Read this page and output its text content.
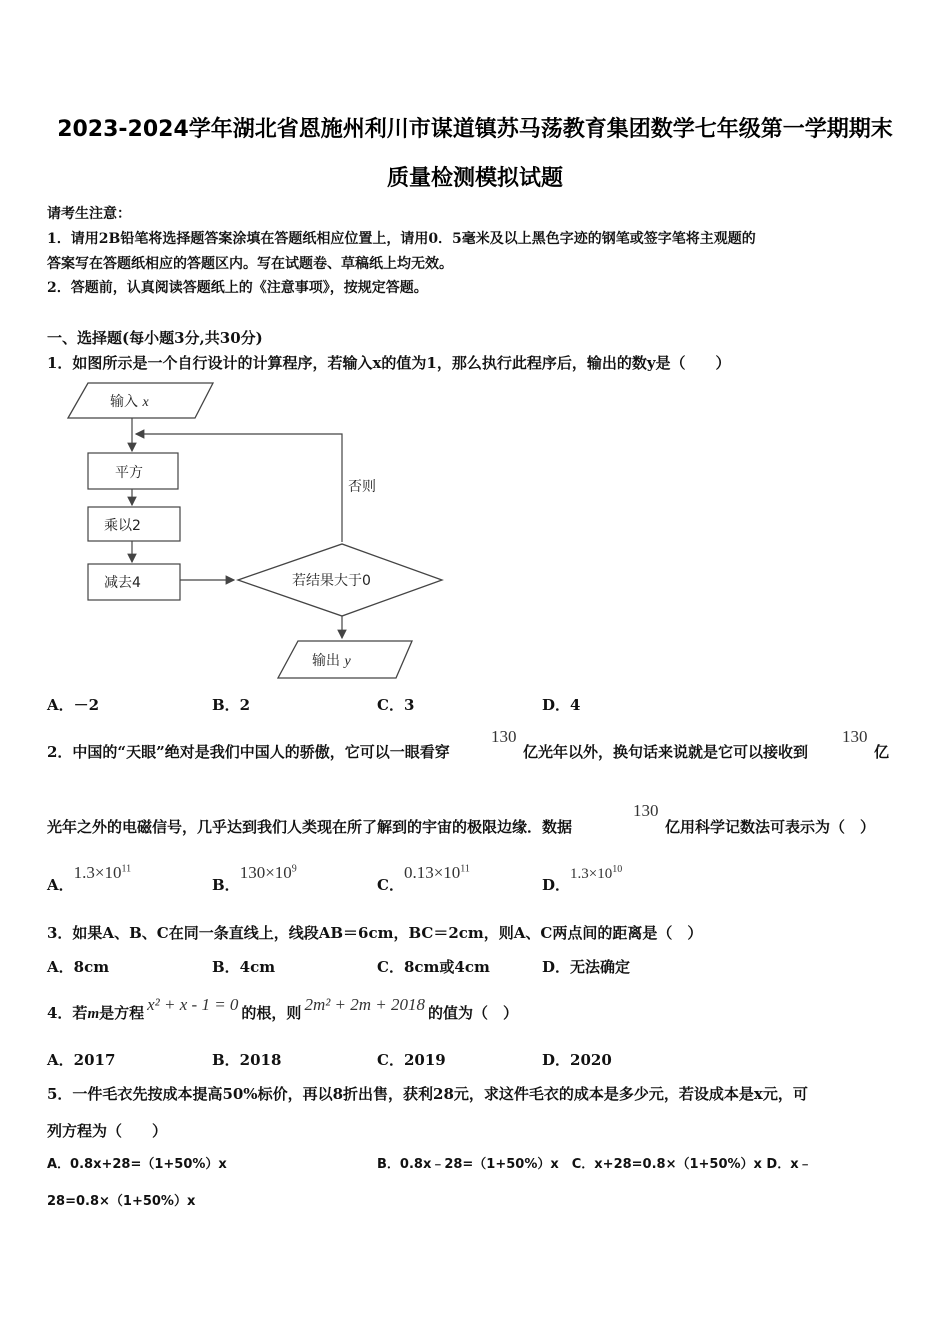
2023-2024学年湖北省恩施州利川市谋道镇苏马荡教育集团数学七年级第一学期期末
质量检测模拟试题
请考生注意：
1．请用2B铅笔将选择题答案涂填在答题纸相应位置上，请用0．5毫米及以上黑色字迹的钢笔或签字笔将主观题的
答案写在答题纸相应的答题区内。写在试题卷、草稿纸上均无效。
2．答题前，认真阅读答题纸上的《注意事项》，按规定答题。
一、选择题(每小题3分,共30分)
1．如图所示是一个自行设计的计算程序，若输入x的值为1，那么执行此程序后，输出的数y是（　　）
输入 x
否则
平方
乘以2
减去4	若结果大于0
输出 y
A．－2	B．2	C．3	D．4
2．中国的“天眼”绝对是我们中国人的骄傲，它可以一眼看穿
130
亿光年以外，换句话来说就是它可以接收到
130
亿
光年之外的电磁信号，几乎达到我们人类现在所了解到的宇宙的极限边缘．数据
130
亿用科学记数法可表示为（　）
A．$1.3\times 10^{11}$
B．$130\times 10^9$
C．$0.13\times 10^{11}$
D．$1.3\times 10^{10}$
3．如果A、B、C在同一条直线上，线段AB＝6cm，BC＝2cm，则A、C两点间的距离是（　）
A．8cm	B．4cm	C．8cm或4cm	D．无法确定
4．若m是方程 x² + x - 1 = 0 的根，则 2m² + 2m + 2018 的值为（　）
A．2017	B．2018	C．2019	D．2020
5．一件毛衣先按成本提高50%标价，再以8折出售，获利28元，求这件毛衣的成本是多少元，若设成本是x元，可
列方程为（　　）
A．0.8x+28=（1+50%）x	B．0.8x﹣28=（1+50%）x　C．x+28=0.8×（1+50%）x D．x﹣
28=0.8×（1+50%）x
